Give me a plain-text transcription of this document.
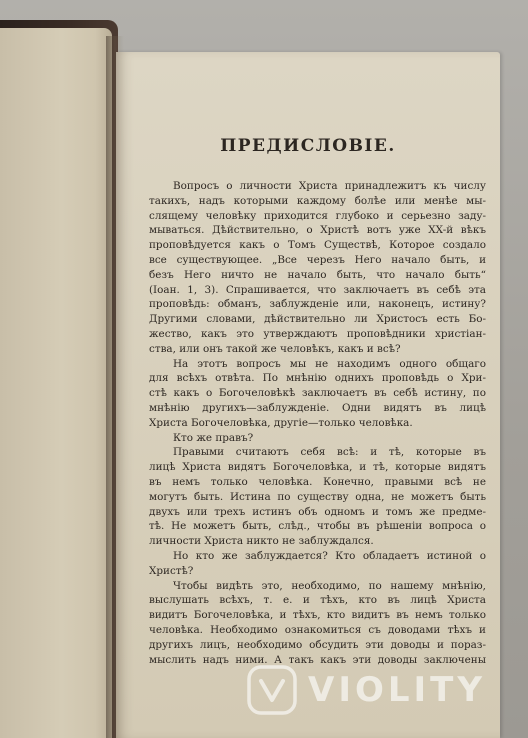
ПРЕДИСЛОВІЕ.
Вопросъ о личности Христа принадлежитъ къ числу
такихъ, надъ которыми каждому болѣе или менѣе мы-
слящему человѣку приходится глубоко и серьезно заду-
мываться. Дѣйствительно, о Христѣ вотъ уже XX-й вѣкъ
проповѣдуется какъ о Томъ Существѣ, Которое создало
все существующее. „Все черезъ Него начало быть, и
безъ Него ничто не начало быть, что начало быть“
(Іоан. 1, 3). Спрашивается, что заключаетъ въ себѣ эта
проповѣдь: обманъ, заблужденіе или, наконецъ, истину?
Другими словами, дѣйствительно ли Христосъ есть Бо-
жество, какъ это утверждаютъ проповѣдники христіан-
ства, или онъ такой же человѣкъ, какъ и всѣ?
На этотъ вопросъ мы не находимъ одного общаго
для всѣхъ отвѣта. По мнѣнію однихъ проповѣдь о Хри-
стѣ какъ о Богочеловѣкѣ заключаетъ въ себѣ истину, по
мнѣнію другихъ—заблужденіе. Одни видятъ въ лицѣ
Христа Богочеловѣка, другіе—только человѣка.
Кто же правъ?
Правыми считаютъ себя всѣ: и тѣ, которые въ
лицѣ Христа видятъ Богочеловѣка, и тѣ, которые видятъ
въ немъ только человѣка. Конечно, правыми всѣ не
могутъ быть. Истина по существу одна, не можетъ быть
двухъ или трехъ истинъ объ одномъ и томъ же предме-
тѣ. Не можетъ быть, слѣд., чтобы въ рѣшеніи вопроса о
личности Христа никто не заблуждался.
Но кто же заблуждается? Кто обладаетъ истиной о
Христѣ?
Чтобы видѣть это, необходимо, по нашему мнѣнію,
выслушать всѣхъ, т. е. и тѣхъ, кто въ лицѣ Христа
видитъ Богочеловѣка, и тѣхъ, кто видитъ въ немъ только
человѣка. Необходимо ознакомиться съ доводами тѣхъ и
другихъ лицъ, необходимо обсудить эти доводы и пораз-
мыслить надъ ними. А такъ какъ эти доводы заключены
VIOLITY
